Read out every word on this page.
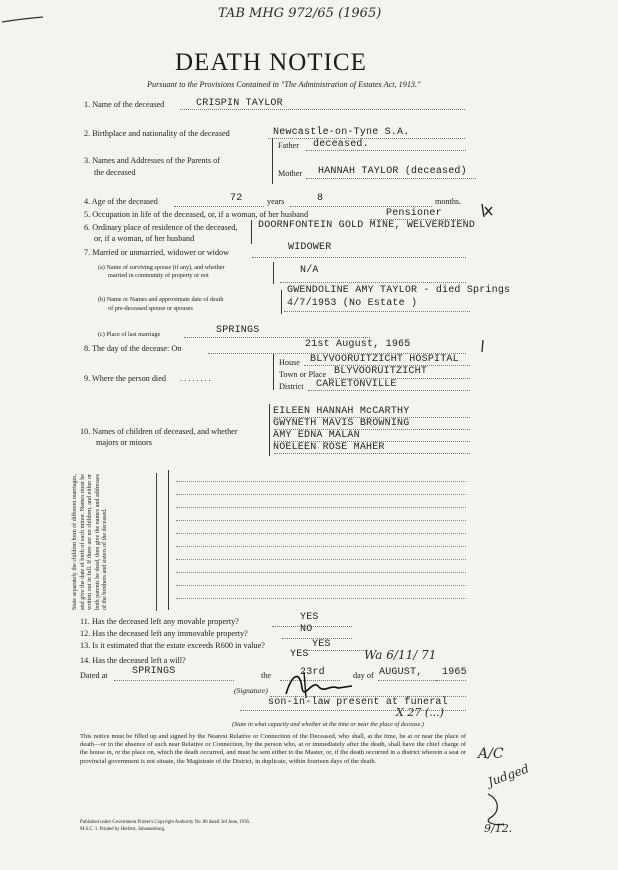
TAB MHG 972/65 (1965)
DEATH NOTICE
Pursuant to the Provisions Contained in "The Administration of Estates Act, 1913."
1. Name of the deceased	CRISPIN TAYLOR
2. Birthplace and nationality of the deceased	Newcastle-on-Tyne S.A.
3. Names and Addresses of the Parents of
the deceased
Father deceased.
Mother HANNAH TAYLOR (deceased)
4. Age of the deceased	72	years	8	months.
5. Occupation in life of the deceased, or, if a woman, of her husband	Pensioner
6. Ordinary place of residence of the deceased,
or, if a woman, of her husband
DOORNFONTEIN GOLD MINE, WELVERDIEND
7. Married or unmarried, widower or widow	WIDOWER
(a) Name of surviving spouse (if any), and whether
married in community of property or not	N/A
(b) Name or Names and approximate date of death
of pre-deceased spouse or spouses
GWENDOLINE AMY TAYLOR - died Springs
4/7/1953 (No Estate )
(c) Place of last marriage	SPRINGS
8. The day of the decease: On	21st August, 1965
9. Where the person died . . . . . . . .
House BLYVOORUITZICHT HOSPITAL
Town or Place BLYVOORUITZICHT
District CARLETONVILLE
10. Names of children of deceased, and whether
majors or minors
EILEEN HANNAH McCARTHY
GWYNETH MAVIS BROWNING
AMY EDNA MALAN
NOELEEN ROSE MAHER
State separately the children born of different marriages, and give the date of birth of each minor. Names must be written out in full. If there are no children, and either or both parents be dead, then give the names and addresses of the brothers and sisters of the deceased.
11. Has the deceased left any movable property?	YES
12. Has the deceased left any immovable property?	NO
13. Is it estimated that the estate exceeds R600 in value?	YES
14. Has the deceased left a will?
YES	Wa 6/11/ 71
Dated at SPRINGS	the	23rd	day of AUGUST, 1965
(Signature)
son-in-law present at funeral
X 27 (...)
(State in what capacity and whether at the time or near the place of decease.)
This notice must be filled up and signed by the Nearest Relative or Connection of the Deceased, who shall, at the time, be at or near the place of death—or in the absence of such near Relative or Connection, by the person who, at or immediately after the death, shall have the chief charge of the house in, or the place on, which the death occurred, and must be sent either to the Master, or, if the death occurred in a district wherein a seat or provincial government is not situate, the Magistrate of the District, in duplicate, within fourteen days of the death.
Published under Government Printer's Copyright Authority No. 86 dated 3rd June, 1936.
M.S.C. 1. Printed by Herbert, Johannesburg.
A/C
Judged
9/12.
